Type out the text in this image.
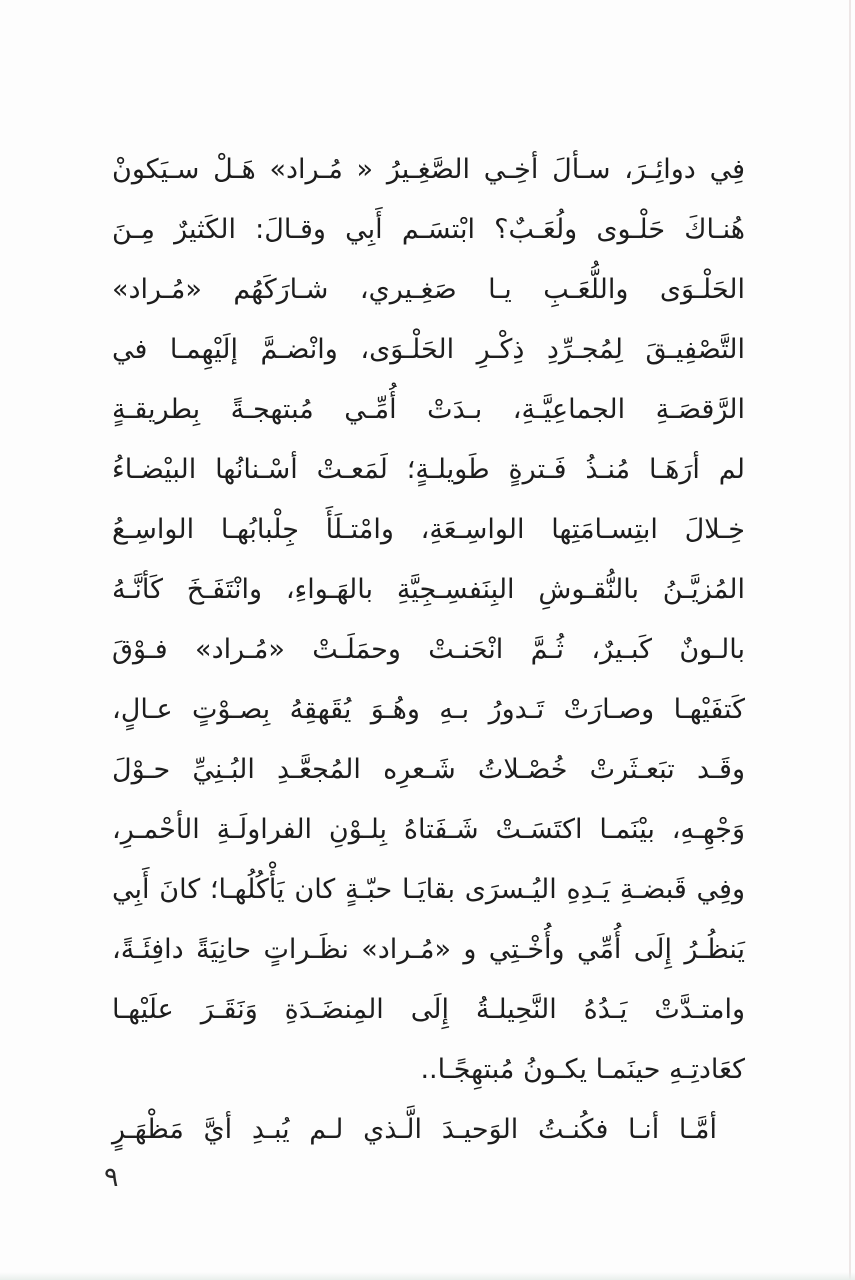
فِي دوائِـرَ، سـألَ أخِـي الصَّغِـيرُ « مُـراد» هَـلْ سـيَكونْ

هُنـاكَ حَلْـوى ولُعَـبٌ؟ ابْتسَـم أَبِي وقـالَ: الكَثيرٌ مِـنَ

الحَلْـوَى واللُّعَـبِ يـا صَغِـيري، شـارَكَهُم «مُـراد»

التَّصْفِيـقَ لِمُجـرِّدِ ذِكْـرِ الحَلْـوَى، وانْضـمَّ إلَيْهِمـا في

الرَّقصَـةِ الجماعِيَّـةِ، بـدَتْ أُمِّـي مُبتهجـةً بِطريقـةٍ

لم أرَهَـا مُنـذُ فَـترةٍ طَويلـةٍ؛ لَمَعـتْ أسْـنانُها البيْضـاءُ

خِـلالَ ابتِسـامَتِها الواسِـعَةِ، وامْتـلَأَ جِلْبابُهـا الواسِـعُ

المُزيَّـنُ بالنُّقـوشِ البِنَفسِـجِيَّةِ بالهَـواءِ، وانْتَفَـخَ كَأنَّـهُ

بالـونٌ كَبـيرٌ، ثُـمَّ انْحَنـتْ وحمَلَـتْ «مُـراد» فـوْقَ

كَتفَيْهـا وصـارَتْ تَـدورُ بـهِ وهُـوَ يُقَهقِهُ بِصـوْتٍ عـالٍ،

وقَـد تبَعـثَرتْ خُصْـلاتُ شَـعرِه المُجعَّـدِ البُـنِيِّ حـوْلَ

وَجْهِـهِ، بيْنَمـا اكتَسَـتْ شَـفَتاهُ بِلـوْنِ الفراولَـةِ الأحْمـرِ،

وفِي قَبضـةِ يَـدِهِ اليُـسرَى بقايَـا حبّـةٍ كان يَأْكُلُهـا؛ كانَ أَبِي

يَنظُـرُ إِلَى أُمِّي وأُخْـتِي و «مُـراد» نظَـراتٍ حانِيَةً دافِئَـةً،

وامتـدَّتْ يَـدُهُ النَّحِيلـةُ إِلَى المِنضَـدَةِ وَنَقَـرَ علَيْهـا

كعَادتِـهِ حينَمـا يكـونُ مُبتهِجًـا..

أمَّـا أنـا فكُنـتُ الوَحيـدَ الَّـذي لـم يُبـدِ أيَّ مَظْهَـرٍ

٩
